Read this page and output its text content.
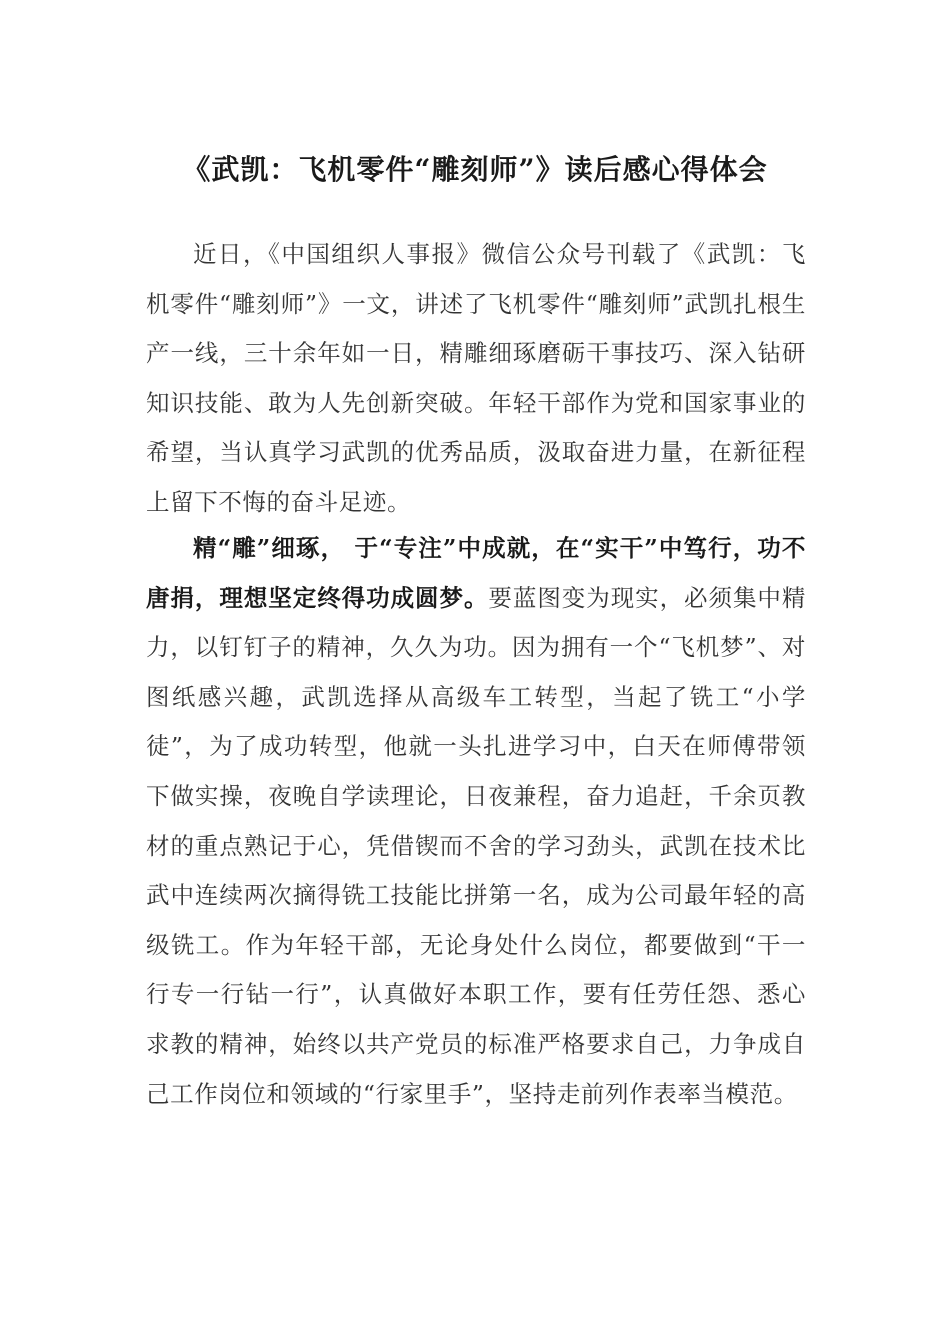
《武凯：飞机零件“雕刻师”》读后感心得体会

近日，《中国组织人事报》微信公众号刊载了《武凯：飞机零件“雕刻师”》一文，讲述了飞机零件“雕刻师”武凯扎根生产一线，三十余年如一日，精雕细琢磨砺干事技巧、深入钻研知识技能、敢为人先创新突破。年轻干部作为党和国家事业的希望，当认真学习武凯的优秀品质，汲取奋进力量，在新征程上留下不悔的奋斗足迹。

精“雕”细琢， 于“专注”中成就，在“实干”中笃行，功不唐捐，理想坚定终得功成圆梦。要蓝图变为现实，必须集中精力，以钉钉子的精神，久久为功。因为拥有一个“飞机梦”、对图纸感兴趣，武凯选择从高级车工转型，当起了铣工“小学徒”，为了成功转型，他就一头扎进学习中，白天在师傅带领下做实操，夜晚自学读理论，日夜兼程，奋力追赶，千余页教材的重点熟记于心，凭借锲而不舍的学习劲头，武凯在技术比武中连续两次摘得铣工技能比拼第一名，成为公司最年轻的高级铣工。作为年轻干部，无论身处什么岗位，都要做到“干一行专一行钻一行”，认真做好本职工作，要有任劳任怨、悉心求教的精神，始终以共产党员的标准严格要求自己，力争成自己工作岗位和领域的“行家里手”，坚持走前列作表率当模范。
